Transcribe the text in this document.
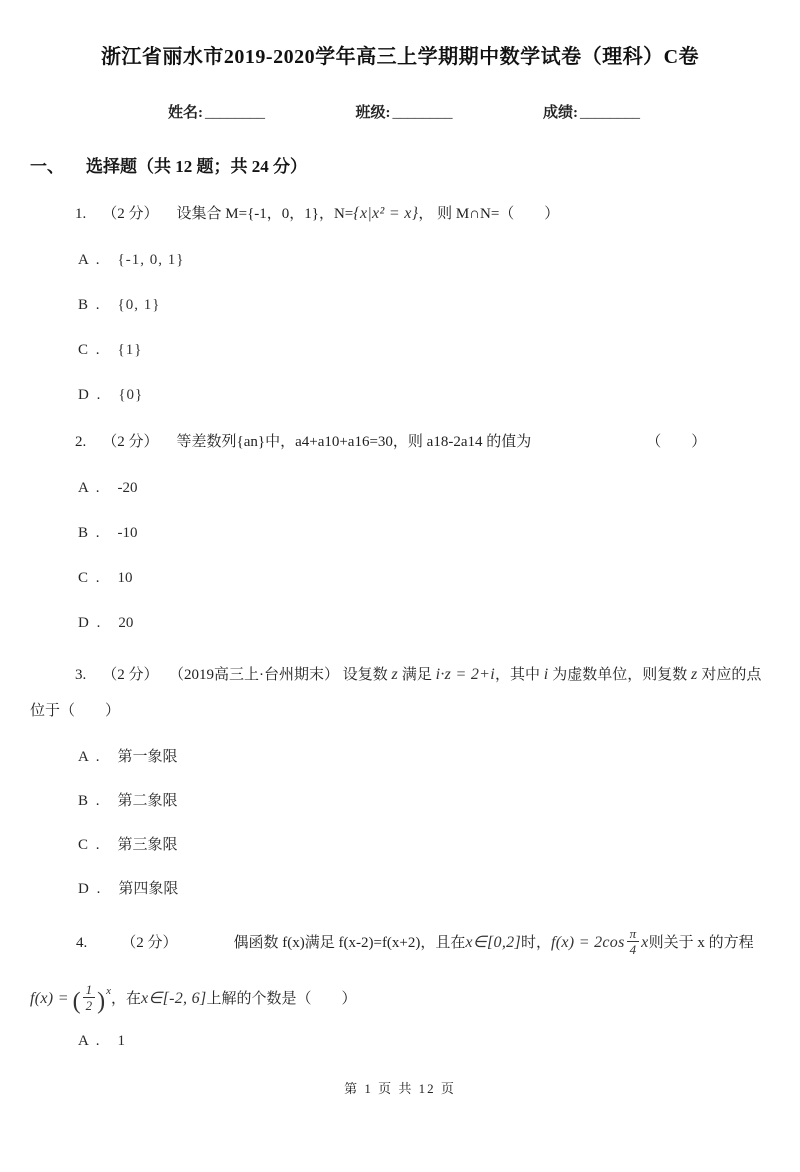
浙江省丽水市2019-2020学年高三上学期期中数学试卷（理科）C卷
姓名: ________	班级: ________	成绩: ________
一、 选择题（共 12 题；共 24 分）
1. （2 分） 设集合 M={-1，0，1}，N={x|x² = x}， 则 M∩N=（　　）
A . {-1, 0, 1}
B . {0, 1}
C . {1}
D . {0}
2. （2 分） 等差数列{an}中，a4+a10+a16=30，则 a18-2a14 的值为	（　　）
A . -20
B . -10
C . 10
D . 20
3. （2 分） （2019高三上·台州期末） 设复数 z 满足 i·z = 2+i，其中 i 为虚数单位，则复数 z 对应的点位于（　　）
A . 第一象限
B . 第二象限
C . 第三象限
D . 第四象限
4. （2 分）	偶函数 f(x)满足 f(x-2)=f(x+2)，且在x∈[0,2]时，$f(x) = 2\cos \frac{\pi}{4}$ x则关于 x 的方程f(x) = ( $\frac{1}{2} )^x$，在x∈[-2, 6]上解的个数是（　　）
A . 1
第 1 页 共 12 页
